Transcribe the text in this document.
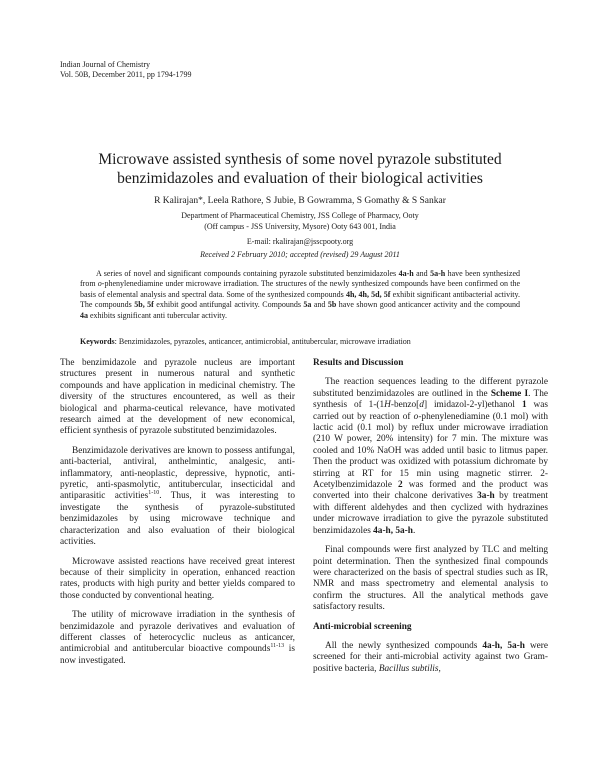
Indian Journal of Chemistry
Vol. 50B, December 2011, pp 1794-1799
Microwave assisted synthesis of some novel pyrazole substituted benzimidazoles and evaluation of their biological activities
R Kalirajan*, Leela Rathore, S Jubie, B Gowramma, S Gomathy & S Sankar
Department of Pharmaceutical Chemistry, JSS College of Pharmacy, Ooty
(Off campus - JSS University, Mysore) Ooty 643 001, India
E-mail: rkalirajan@jsscpooty.org
Received 2 February 2010; accepted (revised) 29 August 2011
A series of novel and significant compounds containing pyrazole substituted benzimidazoles 4a-h and 5a-h have been synthesized from o-phenylenediamine under microwave irradiation. The structures of the newly synthesized compounds have been confirmed on the basis of elemental analysis and spectral data. Some of the synthesized compounds 4h, 4h, 5d, 5f exhibit significant antibacterial activity. The compounds 5b, 5f exhibit good antifungal activity. Compounds 5a and 5b have shown good anticancer activity and the compound 4a exhibits significant anti tubercular activity.
Keywords: Benzimidazoles, pyrazoles, anticancer, antimicrobial, antitubercular, microwave irradiation

The benzimidazole and pyrazole nucleus are important structures present in numerous natural and synthetic compounds and have application in medicinal chemistry. The diversity of the structures encountered, as well as their biological and pharma-ceutical relevance, have motivated research aimed at the development of new economical, efficient synthesis of pyrazole substituted benzimidazoles.

Benzimidazole derivatives are known to possess antifungal, anti-bacterial, antiviral, anthelmintic, analgesic, anti-inflammatory, anti-neoplastic, depressive, hypnotic, anti-pyretic, anti-spasmolytic, antitubercular, insecticidal and antiparasitic activities$^{1-10}$. Thus, it was interesting to investigate the synthesis of pyrazole-substituted benzimidazoles by using microwave technique and characterization and also evaluation of their biological activities.

Microwave assisted reactions have received great interest because of their simplicity in operation, enhanced reaction rates, products with high purity and better yields compared to those conducted by conventional heating.

The utility of microwave irradiation in the synthesis of benzimidazole and pyrazole derivatives and evaluation of different classes of heterocyclic nucleus as anticancer, antimicrobial and antitubercular bioactive compounds$^{11-13}$ is now investigated.

Results and Discussion

The reaction sequences leading to the different pyrazole substituted benzimidazoles are outlined in the Scheme I. The synthesis of 1-(1H-benzo[d] imidazol-2-yl)ethanol 1 was carried out by reaction of o-phenylenediamine (0.1 mol) with lactic acid (0.1 mol) by reflux under microwave irradiation (210 W power, 20% intensity) for 7 min. The mixture was cooled and 10% NaOH was added until basic to litmus paper. Then the product was oxidized with potassium dichromate by stirring at RT for 15 min using magnetic stirrer. 2-Acetylbenzimidazole 2 was formed and the product was converted into their chalcone derivatives 3a-h by treatment with different aldehydes and then cyclized with hydrazines under microwave irradiation to give the pyrazole substituted benzimidazoles 4a-h, 5a-h.

Final compounds were first analyzed by TLC and melting point determination. Then the synthesized final compounds were characterized on the basis of spectral studies such as IR, NMR and mass spectrometry and elemental analysis to confirm the structures. All the analytical methods gave satisfactory results.

Anti-microbial screening

All the newly synthesized compounds 4a-h, 5a-h were screened for their anti-microbial activity against two Gram-positive bacteria, Bacillus subtilis,
